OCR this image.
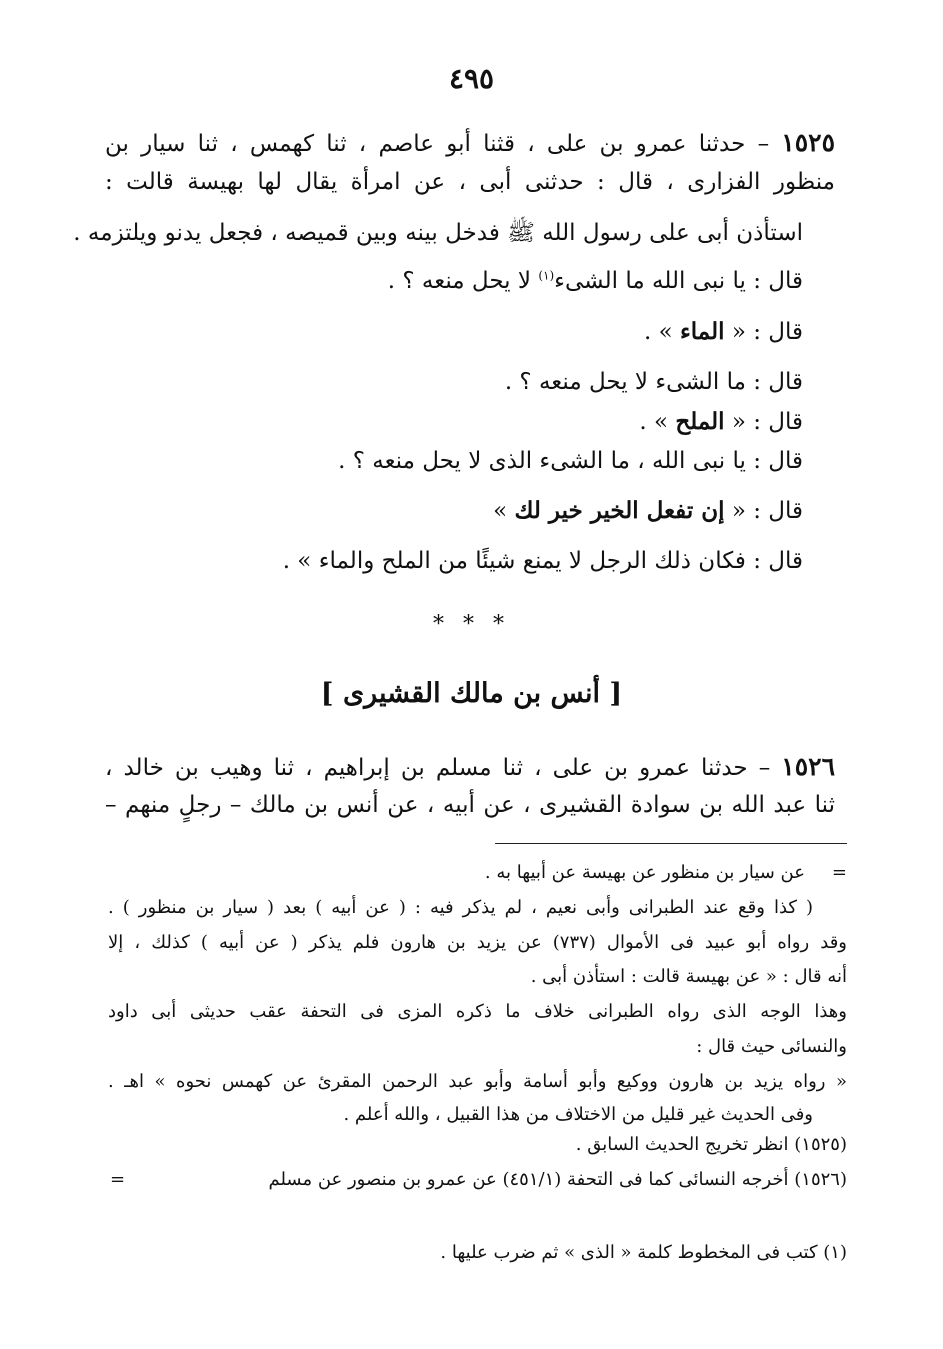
٤٩٥
١٥٢٥ – حدثنا عمرو بن على ، قثنا أبو عاصم ، ثنا كهمس ، ثنا سيار بن
منظور الفزارى ، قال : حدثنى أبى ، عن امرأة يقال لها بهيسة قالت :
استأذن أبى على رسول الله ﷺ فدخل بينه وبين قميصه ، فجعل يدنو ويلتزمه .
قال : يا نبى الله ما الشىء$^{(١)}$ لا يحل منعه ؟ .
قال : « الماء » .
قال : ما الشىء لا يحل منعه ؟ .
قال : « الملح » .
قال : يا نبى الله ، ما الشىء الذى لا يحل منعه ؟ .
قال : « إن تفعل الخير خير لك »
قال : فكان ذلك الرجل لا يمنع شيئًا من الملح والماء » .
* * *
[ أنس بن مالك القشيرى ]
١٥٢٦ – حدثنا عمرو بن على ، ثنا مسلم بن إبراهيم ، ثنا وهيب بن خالد ،
ثنا عبد الله بن سوادة القشيرى ، عن أبيه ، عن أنس بن مالك – رجلٍ منهم –
=
عن سيار بن منظور عن بهيسة عن أبيها به .
( كذا وقع عند الطبرانى وأبى نعيم ، لم يذكر فيه : ( عن أبيه ) بعد ( سيار بن منظور ) .
وقد رواه أبو عبيد فى الأموال (٧٣٧) عن يزيد بن هارون فلم يذكر ( عن أبيه ) كذلك ، إلا
أنه قال : « عن بهيسة قالت : استأذن أبى .
وهذا الوجه الذى رواه الطبرانى خلاف ما ذكره المزى فى التحفة عقب حديثى أبى داود
والنسائى حيث قال :
« رواه يزيد بن هارون ووكيع وأبو أسامة وأبو عبد الرحمن المقرئ عن كهمس نحوه » اهـ .
وفى الحديث غير قليل من الاختلاف من هذا القبيل ، والله أعلم .
(١٥٢٥) انظر تخريج الحديث السابق .
(١٥٢٦) أخرجه النسائى كما فى التحفة (٤٥١/١) عن عمرو بن منصور عن مسلم
=
(١) كتب فى المخطوط كلمة « الذى » ثم ضرب عليها .
